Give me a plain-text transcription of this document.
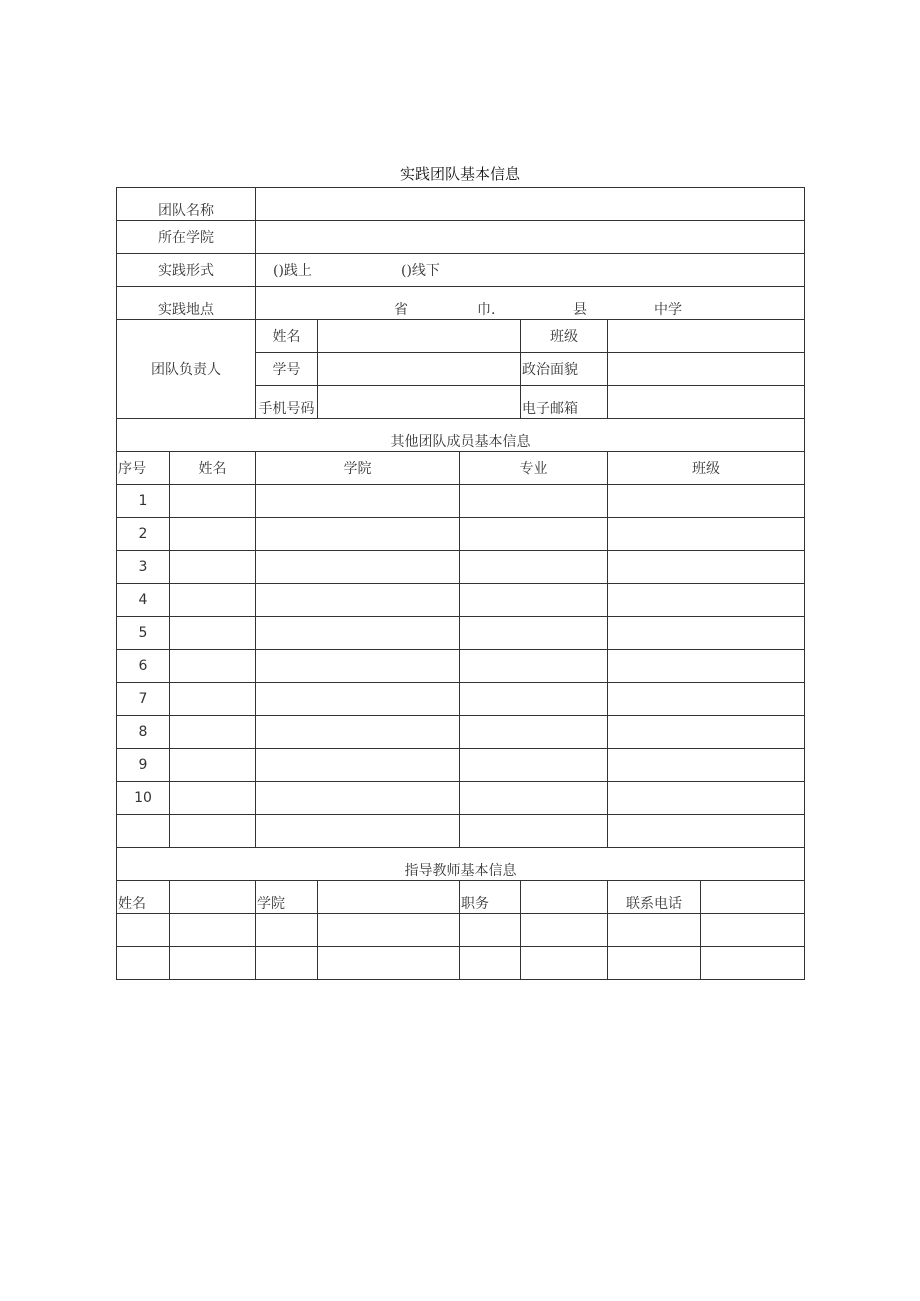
实践团队基本信息
团队名称								
所在学院								
实践形式		()践上 ()线下						
实践地点		省 巾. 县 中学						
团队负责人		姓名			班级			
		学号			政治面貌			
		手机号码			电子邮箱			
其他团队成员基本信息								
序号	姓名	学院		专业		班级	
1								
2								
3								
4								
5								
6								
7								
8								
9								
10								

指导教师基本信息								
姓名		学院		职务		联系电话		
